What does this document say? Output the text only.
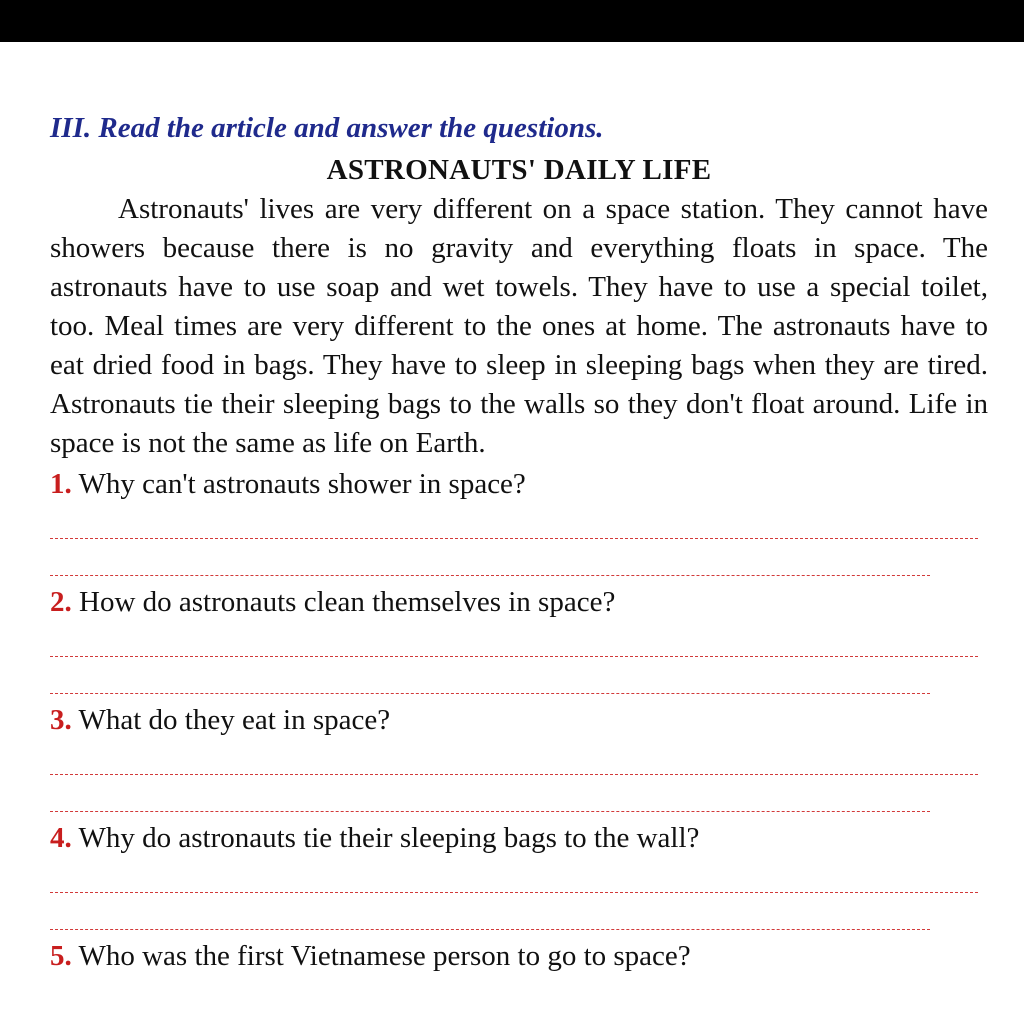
III. Read the article and answer the questions.
ASTRONAUTS' DAILY LIFE

Astronauts' lives are very different on a space station. They cannot have showers because there is no gravity and everything floats in space. The astronauts have to use soap and wet towels. They have to use a special toilet, too. Meal times are very different to the ones at home. The astronauts have to eat dried food in bags. They have to sleep in sleeping bags when they are tired. Astronauts tie their sleeping bags to the walls so they don't float around. Life in space is not the same as life on Earth.

1. Why can't astronauts shower in space?

2. How do astronauts clean themselves in space?

3. What do they eat in space?

4. Why do astronauts tie their sleeping bags to the wall?

5. Who was the first Vietnamese person to go to space?
